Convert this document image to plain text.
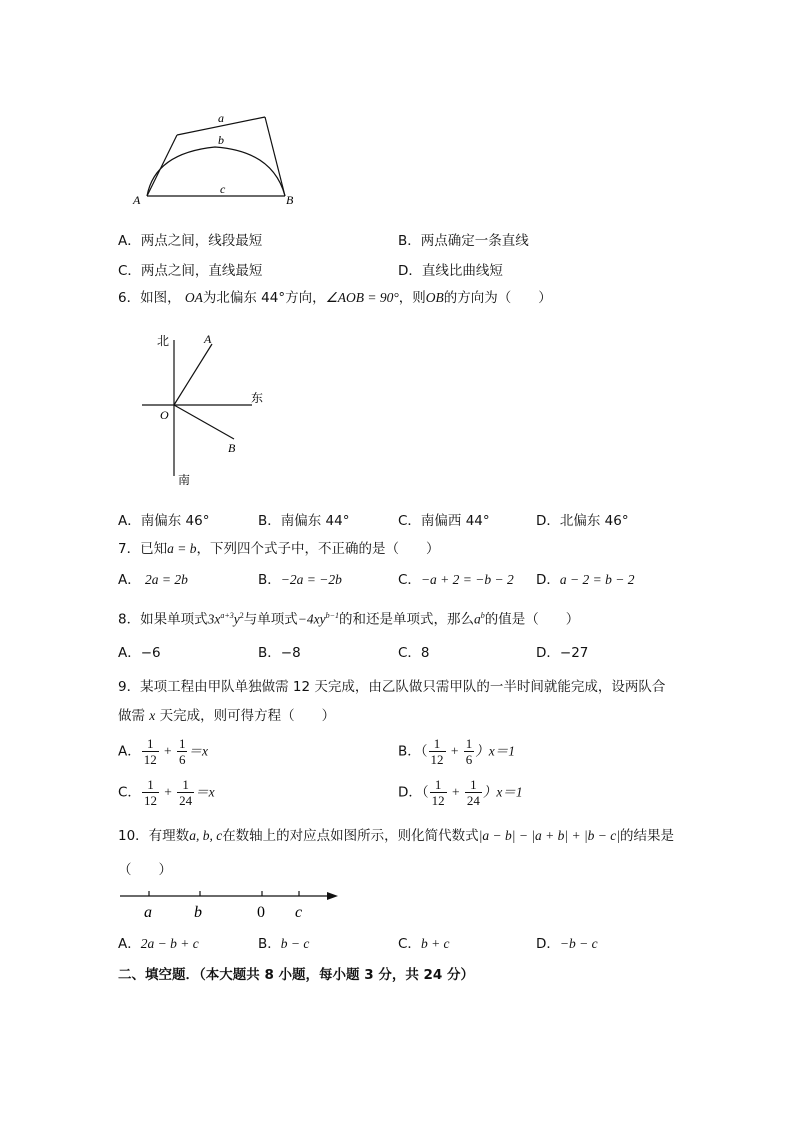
a
b
c
A	B
A．两点之间，线段最短	B．两点确定一条直线
C．两点之间，直线最短	D．直线比曲线短
6．如图， OA为北偏东 44°方向，∠AOB = 90°，则OB的方向为（　　）
北	A
东
O
B
南
A．南偏东 46°	B．南偏东 44°	C．南偏西 44°	D．北偏东 46°
7．已知a = b，下列四个式子中，不正确的是（　　）
A． 2a = 2b	B．−2a = −2b	C．−a + 2 = −b − 2 D．a − 2 = b − 2
8．如果单项式$3x^{a+3}y^2$与单项式$-4xy^{b-1}$的和还是单项式，那么$a^b$的值是（　　）
A．−6	B．−8	C．8	D．−27
9．某项工程由甲队单独做需 12 天完成，由乙队做只需甲队的一半时间就能完成，设两队合
做需 x 天完成，则可得方程（　　）
A． $\frac{1}{12} + \frac{1}{6} =x$	B．（ $\frac{1}{12} + \frac{1}{6} )x=1$
C． $\frac{1}{12} + \frac{1}{24} =x$	D．（ $\frac{1}{12} + \frac{1}{24} )x=1$
10．有理数a, b, c在数轴上的对应点如图所示，则化简代数式|a − b| − |a + b| + |b − c|的结果是
（　　）
a	b	0 c
A．2a − b + c	B．b − c	C．b + c	D．−b − c
二、填空题．（本大题共 8 小题，每小题 3 分，共 24 分）
